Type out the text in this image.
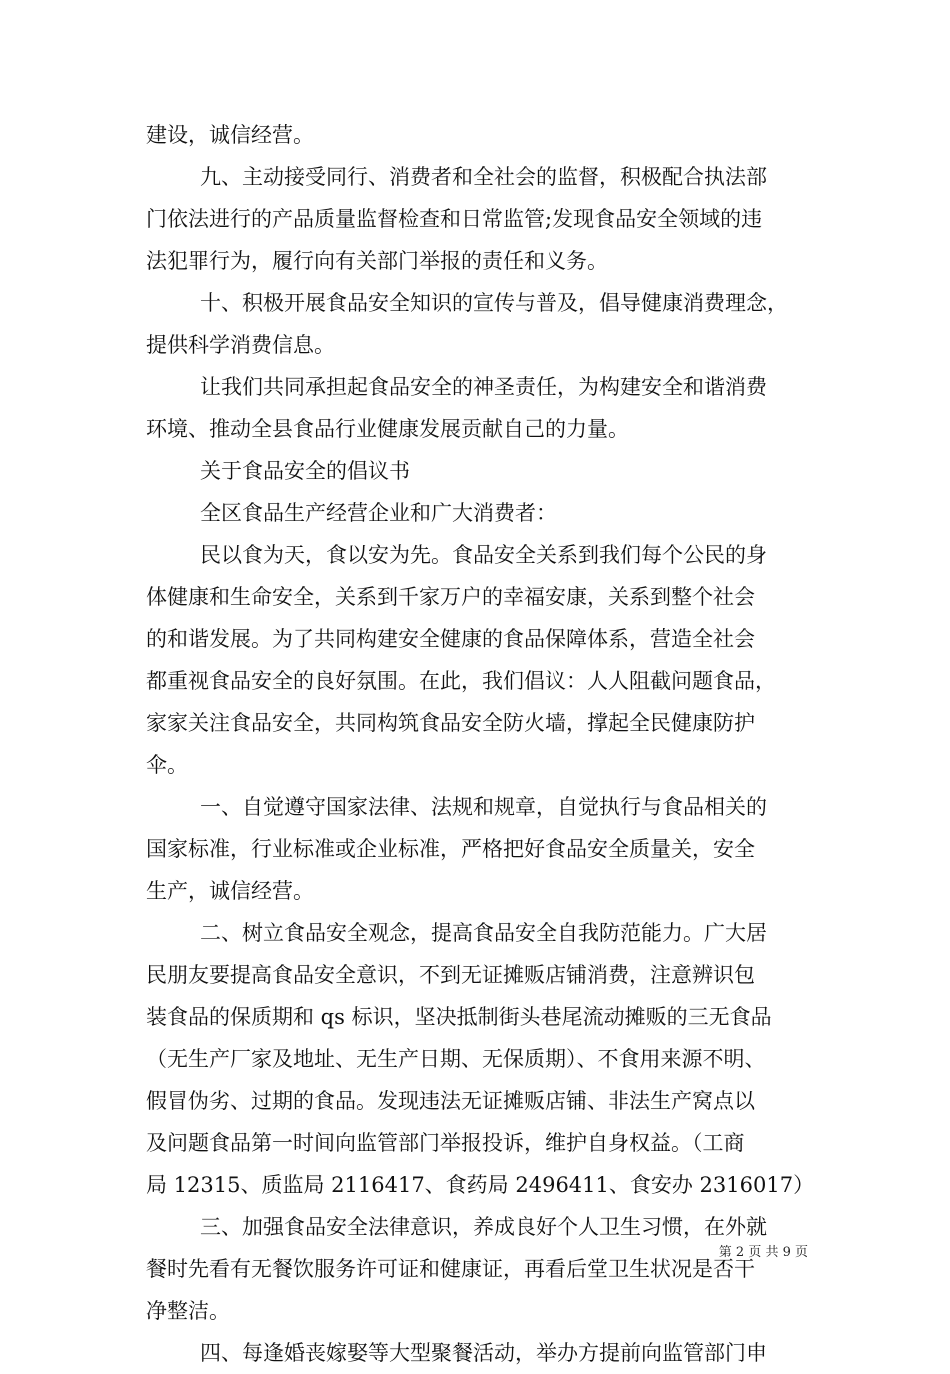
建设，诚信经营。
九、主动接受同行、消费者和全社会的监督，积极配合执法部
门依法进行的产品质量监督检查和日常监管;发现食品安全领域的违
法犯罪行为，履行向有关部门举报的责任和义务。
十、积极开展食品安全知识的宣传与普及，倡导健康消费理念，
提供科学消费信息。
让我们共同承担起食品安全的神圣责任，为构建安全和谐消费
环境、推动全县食品行业健康发展贡献自己的力量。
关于食品安全的倡议书
全区食品生产经营企业和广大消费者：
民以食为天，食以安为先。食品安全关系到我们每个公民的身
体健康和生命安全，关系到千家万户的幸福安康，关系到整个社会
的和谐发展。为了共同构建安全健康的食品保障体系，营造全社会
都重视食品安全的良好氛围。在此，我们倡议：人人阻截问题食品，
家家关注食品安全，共同构筑食品安全防火墙，撑起全民健康防护
伞。
一、自觉遵守国家法律、法规和规章，自觉执行与食品相关的
国家标准，行业标准或企业标准，严格把好食品安全质量关，安全
生产，诚信经营。
二、树立食品安全观念，提高食品安全自我防范能力。广大居
民朋友要提高食品安全意识，不到无证摊贩店铺消费，注意辨识包
装食品的保质期和 qs 标识，坚决抵制街头巷尾流动摊贩的三无食品
（无生产厂家及地址、无生产日期、无保质期）、不食用来源不明、
假冒伪劣、过期的食品。发现违法无证摊贩店铺、非法生产窝点以
及问题食品第一时间向监管部门举报投诉，维护自身权益。（工商
局 12315、质监局 2116417、食药局 2496411、食安办 2316017）
三、加强食品安全法律意识，养成良好个人卫生习惯，在外就
餐时先看有无餐饮服务许可证和健康证，再看后堂卫生状况是否干
净整洁。
四、每逢婚丧嫁娶等大型聚餐活动，举办方提前向监管部门申

第 2 页 共 9 页
